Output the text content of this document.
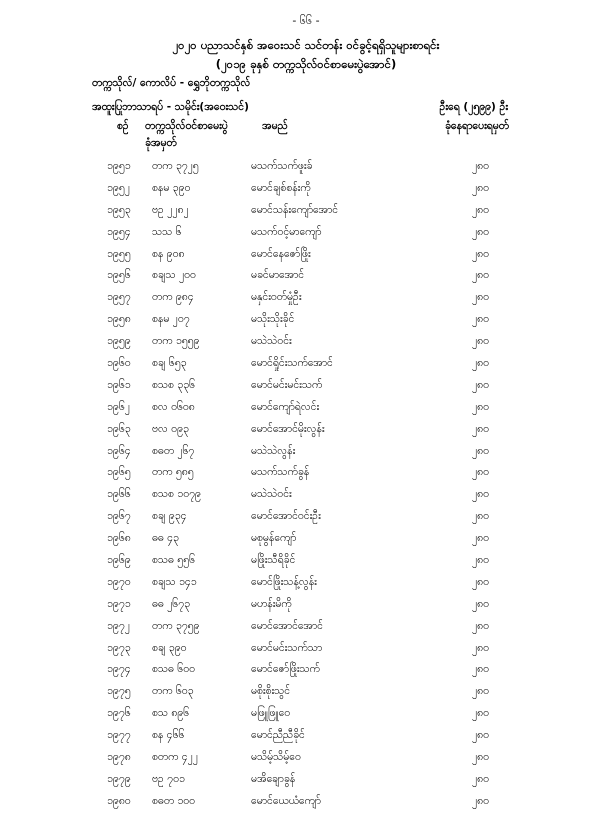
- ၆၆ -
၂၀၂၀ ပညာသင်နှစ် အဝေးသင် သင်တန်း ဝင်ခွင့်ရရှိသူများစာရင်း
(၂၀၁၉ ခုနှစ် တက္ကသိုလ်ဝင်စာမေးပွဲအောင်)
တက္ကသိုလ်/ ကောလိပ် - ရွှေဘိုတက္ကသိုလ်
အထူးပြုဘာသာရပ် - သမိုင်း(အဝေးသင်)	ဦးရေ (၂၅၉၉) ဦး
စဉ် တက္ကသိုလ်ဝင်စာမေးပွဲ
ခုံအမှတ်
အမည်	ခုံနေရာပေးရမှတ်
၁၉၅၁ တက ၃၇၂၅	မသက်သက်ဖူးခ်	၂၈၀
၁၉၅၂ စနမ ၃၉၀	မောင်ချစ်စန်းကို	၂၈၀
၁၉၅၃ ဗဥ ၂၂၈၂	မောင်သန်းကျော်အောင်	၂၈၀
၁၉၅၄ သသ ၆	မသက်ဝင့်မာကျော်	၂၈၀
၁၉၅၅ စန ၉၀၈	မောင်နေဇော်ဖြိုး	၂၈၀
၁၉၅၆ စချသ ၂၀၀	မခင်မာအောင်	၂၈၀
၁၉၅၇ တက ၉၈၄	မနှင်းဝတ်မှုံဦး	၂၈၀
၁၉၅၈ စနမ ၂၀၇	မသိုးသိုးခိုင်	၂၈၀
၁၉၅၉ တက ၁၅၅၉	မသဲသဲဝင်း	၂၈၀
၁၉၆၀ စချ ၆၅၃	မောင်ရှိုင်းသက်အောင်	၂၈၀
၁၉၆၁ စသစ ၃၃၆	မောင်မင်းမင်းသက်	၂၈၀
၁၉၆၂ စလ ၀၆၀၈	မောင်ကျော်ရဲလင်း	၂၈၀
၁၉၆၃ ဗလ ၀၉၃	မောင်အောင်မိုးလွန်း	၂၈၀
၁၉၆၄ စဓတ ၂၆၇	မသဲသဲလွန်း	၂၈၀
၁၉၆၅ တက ၅၈၅	မသက်သက်ခွန်	၂၈၀
၁၉၆၆ စသစ ၁၀၇၉	မသဲသဲဝင်း	၂၈၀
၁၉၆၇ စချ ၉၃၄	မောင်အောင်ဝင်းဦး	၂၈၀
၁၉၆၈ ဓဓ ၄၃	မစုမွန်ကျော်	၂၈၀
၁၉၆၉ စသဓ ၅၅၆	မဖြိုးသီရိခိုင်	၂၈၀
၁၉၇၀ စချသ ၁၄၁	မောင်ဖြိုးသန့်လွန်း	၂၈၀
၁၉၇၁ ဓဓ ၂၆၇၃	မဟန်းမိကို	၂၈၀
၁၉၇၂ တက ၃၇၅၉	မောင်အောင်အောင်	၂၈၀
၁၉၇၃ စချ ၃၉၀	မောင်မင်းသက်သာ	၂၈၀
၁၉၇၄ စသဓ ၆၀၀	မောင်ဇော်ဖြိုးသက်	၂၈၀
၁၉၇၅ တက ၆၀၃	မစိုးစိုးသွင်	၂၈၀
၁၉၇၆ စသ ၈၉၆	မဖြူဖြူဝေ	၂၈၀
၁၉၇၇ စန ၄၆၆	မောင်ညီညီခိုင်	၂၈၀
၁၉၇၈ စတက ၄၂၂	မသိမ့်သိမ့်ဝေ	၂၈၀
၁၉၇၉ ဗဥ ၇၀၁	မအိချောခွန်	၂၈၀
၁၉၈၀ စဓတ ၁၀၀	မောင်ယေယံကျော်	၂၈၀
